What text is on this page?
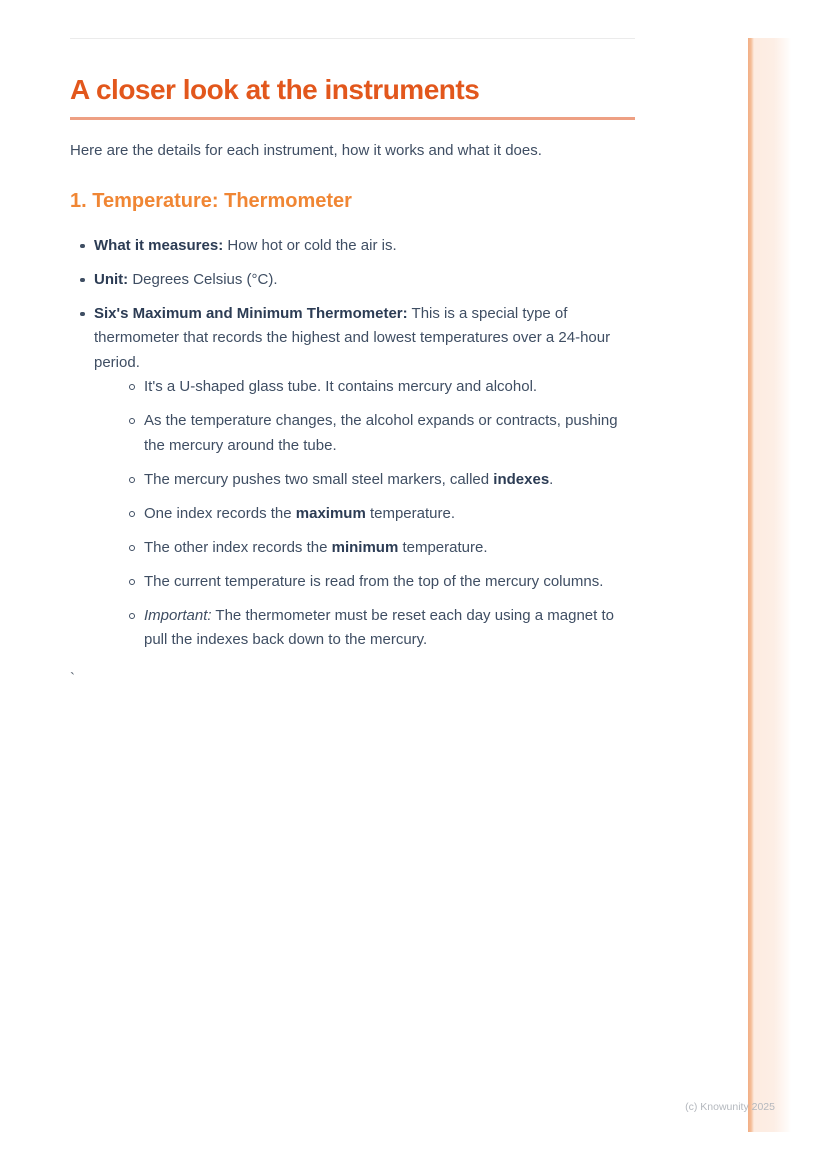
A closer look at the instruments

Here are the details for each instrument, how it works and what it does.

1. Temperature: Thermometer
What it measures: How hot or cold the air is.
Unit: Degrees Celsius (°C).
Six's Maximum and Minimum Thermometer: This is a special type of thermometer that records the highest and lowest temperatures over a 24-hour period.
It's a U-shaped glass tube. It contains mercury and alcohol.
As the temperature changes, the alcohol expands or contracts, pushing the mercury around the tube.
The mercury pushes two small steel markers, called indexes.
One index records the maximum temperature.
The other index records the minimum temperature.
The current temperature is read from the top of the mercury columns.
Important: The thermometer must be reset each day using a magnet to pull the indexes back down to the mercury.

`

(c) Knowunity 2025
